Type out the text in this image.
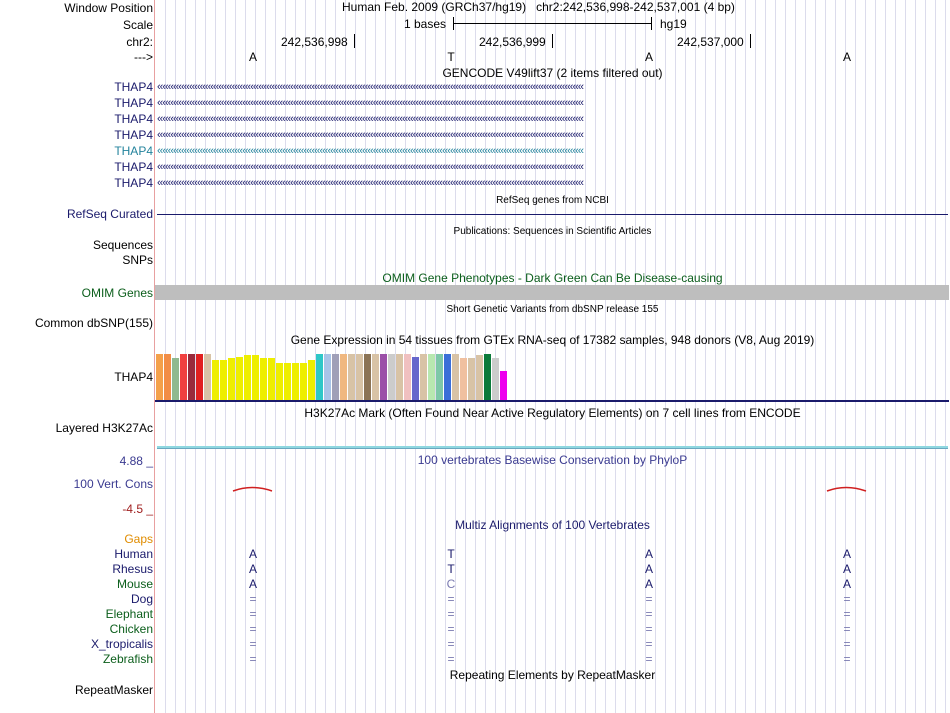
Window Position
Scale
chr2:
--->
Human Feb. 2009 (GRCh37/hg19)   chr2:242,536,998-242,537,001 (4 bp)
1 bases	hg19
242,536,998	242,536,999	242,537,000
A	T	A	A
GENCODE V49lift37 (2 items filtered out)
THAP4 ‹‹‹‹‹‹‹‹‹‹‹‹‹‹‹‹‹‹‹‹‹‹‹‹‹‹‹‹‹‹‹‹‹‹‹‹‹‹‹‹‹‹‹‹‹‹‹‹‹‹‹‹‹‹‹‹‹‹‹‹‹‹‹‹‹‹‹‹‹‹‹‹‹‹‹‹‹‹‹‹‹‹‹‹‹‹‹‹‹‹‹‹‹‹‹‹‹‹‹‹‹‹‹‹‹‹‹‹‹‹‹‹‹‹‹‹‹‹‹‹‹‹‹‹‹‹‹‹‹‹‹‹‹‹‹‹‹‹‹‹‹‹‹‹‹‹‹‹‹‹‹‹‹‹‹‹‹‹‹‹
THAP4 ‹‹‹‹‹‹‹‹‹‹‹‹‹‹‹‹‹‹‹‹‹‹‹‹‹‹‹‹‹‹‹‹‹‹‹‹‹‹‹‹‹‹‹‹‹‹‹‹‹‹‹‹‹‹‹‹‹‹‹‹‹‹‹‹‹‹‹‹‹‹‹‹‹‹‹‹‹‹‹‹‹‹‹‹‹‹‹‹‹‹‹‹‹‹‹‹‹‹‹‹‹‹‹‹‹‹‹‹‹‹‹‹‹‹‹‹‹‹‹‹‹‹‹‹‹‹‹‹‹‹‹‹‹‹‹‹‹‹‹‹‹‹‹‹‹‹‹‹‹‹‹‹‹‹‹‹‹‹‹‹
THAP4 ‹‹‹‹‹‹‹‹‹‹‹‹‹‹‹‹‹‹‹‹‹‹‹‹‹‹‹‹‹‹‹‹‹‹‹‹‹‹‹‹‹‹‹‹‹‹‹‹‹‹‹‹‹‹‹‹‹‹‹‹‹‹‹‹‹‹‹‹‹‹‹‹‹‹‹‹‹‹‹‹‹‹‹‹‹‹‹‹‹‹‹‹‹‹‹‹‹‹‹‹‹‹‹‹‹‹‹‹‹‹‹‹‹‹‹‹‹‹‹‹‹‹‹‹‹‹‹‹‹‹‹‹‹‹‹‹‹‹‹‹‹‹‹‹‹‹‹‹‹‹‹‹‹‹‹‹‹‹‹‹
THAP4 ‹‹‹‹‹‹‹‹‹‹‹‹‹‹‹‹‹‹‹‹‹‹‹‹‹‹‹‹‹‹‹‹‹‹‹‹‹‹‹‹‹‹‹‹‹‹‹‹‹‹‹‹‹‹‹‹‹‹‹‹‹‹‹‹‹‹‹‹‹‹‹‹‹‹‹‹‹‹‹‹‹‹‹‹‹‹‹‹‹‹‹‹‹‹‹‹‹‹‹‹‹‹‹‹‹‹‹‹‹‹‹‹‹‹‹‹‹‹‹‹‹‹‹‹‹‹‹‹‹‹‹‹‹‹‹‹‹‹‹‹‹‹‹‹‹‹‹‹‹‹‹‹‹‹‹‹‹‹‹‹
THAP4 ‹‹‹‹‹‹‹‹‹‹‹‹‹‹‹‹‹‹‹‹‹‹‹‹‹‹‹‹‹‹‹‹‹‹‹‹‹‹‹‹‹‹‹‹‹‹‹‹‹‹‹‹‹‹‹‹‹‹‹‹‹‹‹‹‹‹‹‹‹‹‹‹‹‹‹‹‹‹‹‹‹‹‹‹‹‹‹‹‹‹‹‹‹‹‹‹‹‹‹‹‹‹‹‹‹‹‹‹‹‹‹‹‹‹‹‹‹‹‹‹‹‹‹‹‹‹‹‹‹‹‹‹‹‹‹‹‹‹‹‹‹‹‹‹‹‹‹‹‹‹‹‹‹‹‹‹‹‹‹‹
THAP4 ‹‹‹‹‹‹‹‹‹‹‹‹‹‹‹‹‹‹‹‹‹‹‹‹‹‹‹‹‹‹‹‹‹‹‹‹‹‹‹‹‹‹‹‹‹‹‹‹‹‹‹‹‹‹‹‹‹‹‹‹‹‹‹‹‹‹‹‹‹‹‹‹‹‹‹‹‹‹‹‹‹‹‹‹‹‹‹‹‹‹‹‹‹‹‹‹‹‹‹‹‹‹‹‹‹‹‹‹‹‹‹‹‹‹‹‹‹‹‹‹‹‹‹‹‹‹‹‹‹‹‹‹‹‹‹‹‹‹‹‹‹‹‹‹‹‹‹‹‹‹‹‹‹‹‹‹‹‹‹‹
THAP4 ‹‹‹‹‹‹‹‹‹‹‹‹‹‹‹‹‹‹‹‹‹‹‹‹‹‹‹‹‹‹‹‹‹‹‹‹‹‹‹‹‹‹‹‹‹‹‹‹‹‹‹‹‹‹‹‹‹‹‹‹‹‹‹‹‹‹‹‹‹‹‹‹‹‹‹‹‹‹‹‹‹‹‹‹‹‹‹‹‹‹‹‹‹‹‹‹‹‹‹‹‹‹‹‹‹‹‹‹‹‹‹‹‹‹‹‹‹‹‹‹‹‹‹‹‹‹‹‹‹‹‹‹‹‹‹‹‹‹‹‹‹‹‹‹‹‹‹‹‹‹‹‹‹‹‹‹‹‹‹‹
RefSeq genes from NCBI
RefSeq Curated
Publications: Sequences in Scientific Articles
Sequences
SNPs
OMIM Gene Phenotypes - Dark Green Can Be Disease-causing
OMIM Genes
Short Genetic Variants from dbSNP release 155
Common dbSNP(155)
Gene Expression in 54 tissues from GTEx RNA-seq of 17382 samples, 948 donors (V8, Aug 2019)
THAP4
H3K27Ac Mark (Often Found Near Active Regulatory Elements) on 7 cell lines from ENCODE
Layered H3K27Ac
100 vertebrates Basewise Conservation by PhyloP
4.88 _
100 Vert. Cons
-4.5 _
Multiz Alignments of 100 Vertebrates
Gaps
Human	A	T	A	A
Rhesus	A	T	A	A
Mouse	A	C	A	A
Dog	=	=	=	=
Elephant	=	=	=	=
Chicken	=	=	=	=
X_tropicalis	=	=	=	=
Zebrafish	=	=	=	=
Repeating Elements by RepeatMasker
RepeatMasker
